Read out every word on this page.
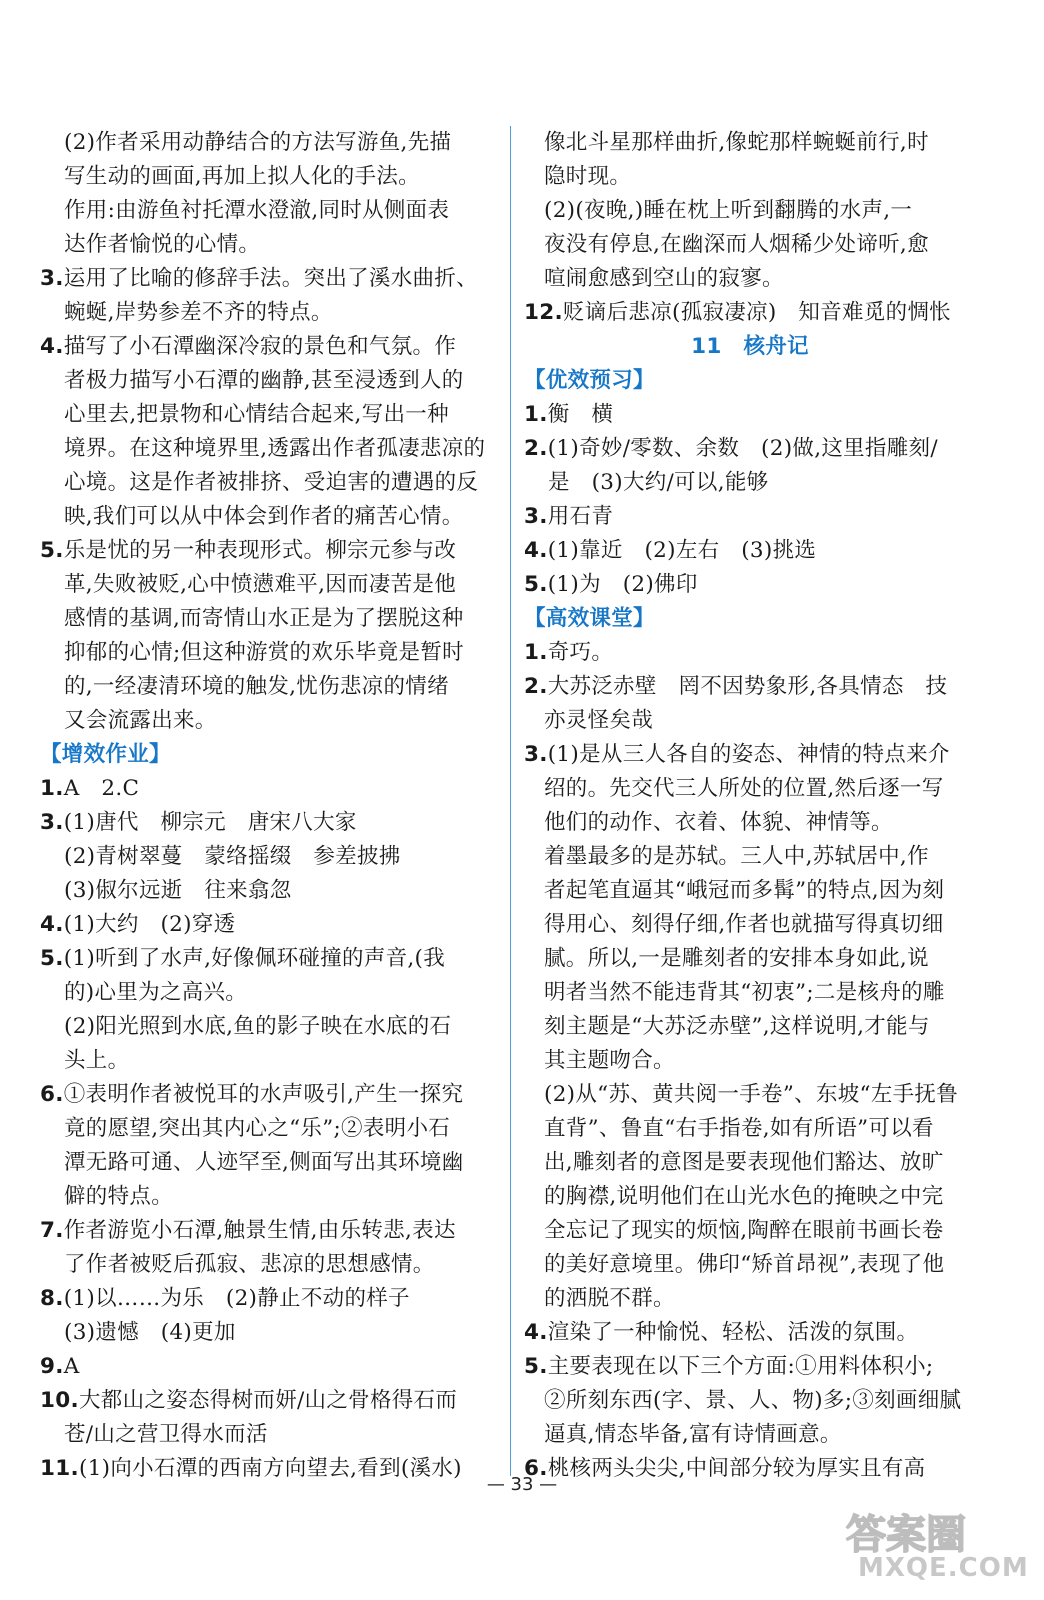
(2)作者采用动静结合的方法写游鱼,先描
写生动的画面,再加上拟人化的手法。
作用:由游鱼衬托潭水澄澈,同时从侧面表
达作者愉悦的心情。
3.运用了比喻的修辞手法。突出了溪水曲折、
蜿蜒,岸势参差不齐的特点。
4.描写了小石潭幽深冷寂的景色和气氛。作
者极力描写小石潭的幽静,甚至浸透到人的
心里去,把景物和心情结合起来,写出一种
境界。在这种境界里,透露出作者孤凄悲凉的
心境。这是作者被排挤、受迫害的遭遇的反
映,我们可以从中体会到作者的痛苦心情。
5.乐是忧的另一种表现形式。柳宗元参与改
革,失败被贬,心中愤懑难平,因而凄苦是他
感情的基调,而寄情山水正是为了摆脱这种
抑郁的心情;但这种游赏的欢乐毕竟是暂时
的,一经凄清环境的触发,忧伤悲凉的情绪
又会流露出来。
【增效作业】
1.A　2.C
3.(1)唐代　柳宗元　唐宋八大家
(2)青树翠蔓　蒙络摇缀　参差披拂
(3)俶尔远逝　往来翕忽
4.(1)大约　(2)穿透
5.(1)听到了水声,好像佩环碰撞的声音,(我
的)心里为之高兴。
(2)阳光照到水底,鱼的影子映在水底的石
头上。
6.①表明作者被悦耳的水声吸引,产生一探究
竟的愿望,突出其内心之“乐”;②表明小石
潭无路可通、人迹罕至,侧面写出其环境幽
僻的特点。
7.作者游览小石潭,触景生情,由乐转悲,表达
了作者被贬后孤寂、悲凉的思想感情。
8.(1)以……为乐　(2)静止不动的样子
(3)遗憾　(4)更加
9.A
10.大都山之姿态得树而妍/山之骨格得石而
苍/山之营卫得水而活
11.(1)向小石潭的西南方向望去,看到(溪水)
像北斗星那样曲折,像蛇那样蜿蜒前行,时
隐时现。
(2)(夜晚,)睡在枕上听到翻腾的水声,一
夜没有停息,在幽深而人烟稀少处谛听,愈
喧闹愈感到空山的寂寥。
12.贬谪后悲凉(孤寂凄凉)　知音难觅的惆怅
11　核舟记
【优效预习】
1.衡　横
2.(1)奇妙/零数、余数　(2)做,这里指雕刻/
是　(3)大约/可以,能够
3.用石青
4.(1)靠近　(2)左右　(3)挑选
5.(1)为　(2)佛印
【高效课堂】
1.奇巧。
2.大苏泛赤壁　罔不因势象形,各具情态　技
亦灵怪矣哉
3.(1)是从三人各自的姿态、神情的特点来介
绍的。先交代三人所处的位置,然后逐一写
他们的动作、衣着、体貌、神情等。
着墨最多的是苏轼。三人中,苏轼居中,作
者起笔直逼其“峨冠而多髯”的特点,因为刻
得用心、刻得仔细,作者也就描写得真切细
腻。所以,一是雕刻者的安排本身如此,说
明者当然不能违背其“初衷”;二是核舟的雕
刻主题是“大苏泛赤壁”,这样说明,才能与
其主题吻合。
(2)从“苏、黄共阅一手卷”、东坡“左手抚鲁
直背”、鲁直“右手指卷,如有所语”可以看
出,雕刻者的意图是要表现他们豁达、放旷
的胸襟,说明他们在山光水色的掩映之中完
全忘记了现实的烦恼,陶醉在眼前书画长卷
的美好意境里。佛印“矫首昂视”,表现了他
的洒脱不群。
4.渲染了一种愉悦、轻松、活泼的氛围。
5.主要表现在以下三个方面:①用料体积小;
②所刻东西(字、景、人、物)多;③刻画细腻
逼真,情态毕备,富有诗情画意。
6.桃核两头尖尖,中间部分较为厚实且有高
— 33 —
答案圈
MXQE.COM
